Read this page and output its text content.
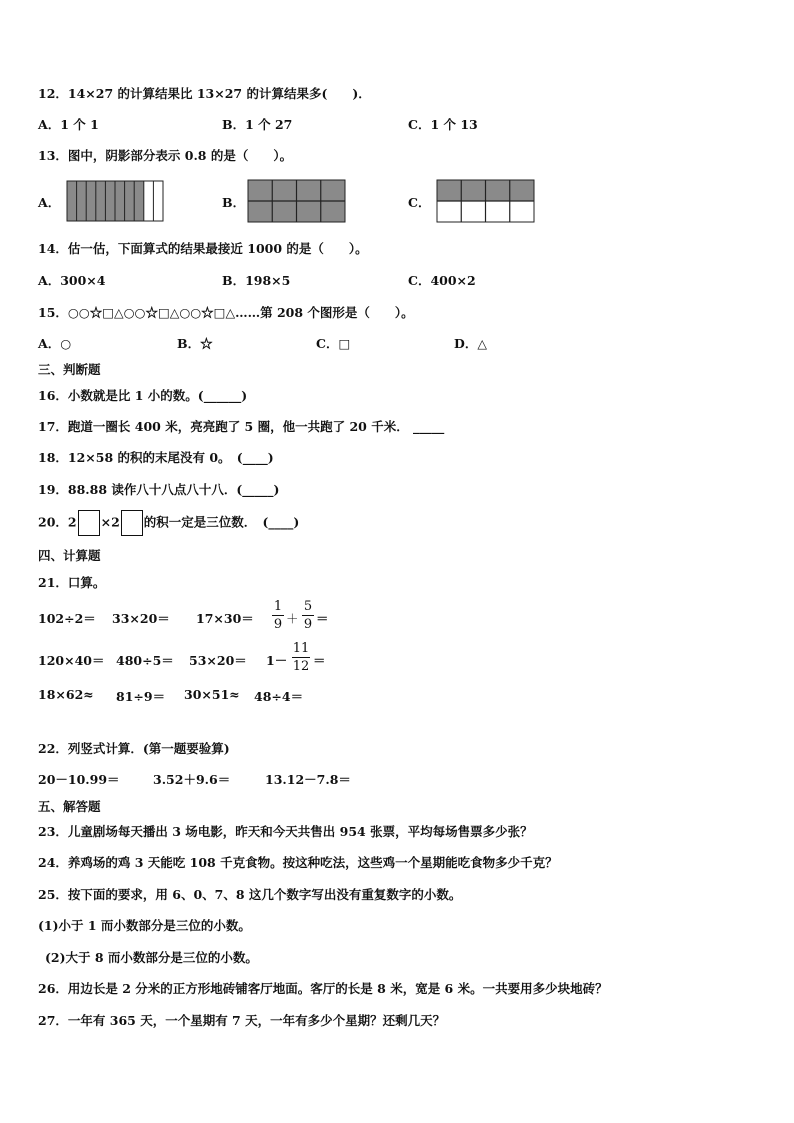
12．14×27 的计算结果比 13×27 的计算结果多(　　)．
A．1 个 1	B．1 个 27	C．1 个 13
13．图中，阴影部分表示 0.8 的是（　　）。
A．	B．	C．
14．估一估，下面算式的结果最接近 1000 的是（　　）。
A．300×4	B．198×5	C．400×2
15．○○☆□△○○☆□△○○☆□△……第 208 个图形是（　　）。
A．○	B．☆	C．□	D．△
三、判断题
16．小数就是比 1 小的数。(______)
17．跑道一圈长 400 米，亮亮跑了 5 圈，他一共跑了 20 千米． _____
18．12×58 的积的末尾没有 0。　(____)
19．88.88 读作八十八点八十八．(_____)
20．2 ×2 的积一定是三位数．　(____)
四、计算题
21．口算。
102÷2＝ 33×20＝ 17×30＝
1
9 ＋
5
9 ＝
120×40＝ 480÷5＝ 53×20＝ 1－
11
12 ＝
18×62≈ 81÷9＝ 30×51≈ 48÷4＝
22．列竖式计算．(第一题要验算)
20－10.99＝	3.52＋9.6＝	13.12－7.8＝
五、解答题
23．儿童剧场每天播出 3 场电影，昨天和今天共售出 954 张票，平均每场售票多少张？
24．养鸡场的鸡 3 天能吃 108 千克食物。按这种吃法，这些鸡一个星期能吃食物多少千克？
25．按下面的要求，用 6、0、7、8 这几个数字写出没有重复数字的小数。
(1)小于 1 而小数部分是三位的小数。
(2)大于 8 而小数部分是三位的小数。
26．用边长是 2 分米的正方形地砖铺客厅地面。客厅的长是 8 米，宽是 6 米。一共要用多少块地砖？
27．一年有 365 天，一个星期有 7 天，一年有多少个星期？还剩几天？
